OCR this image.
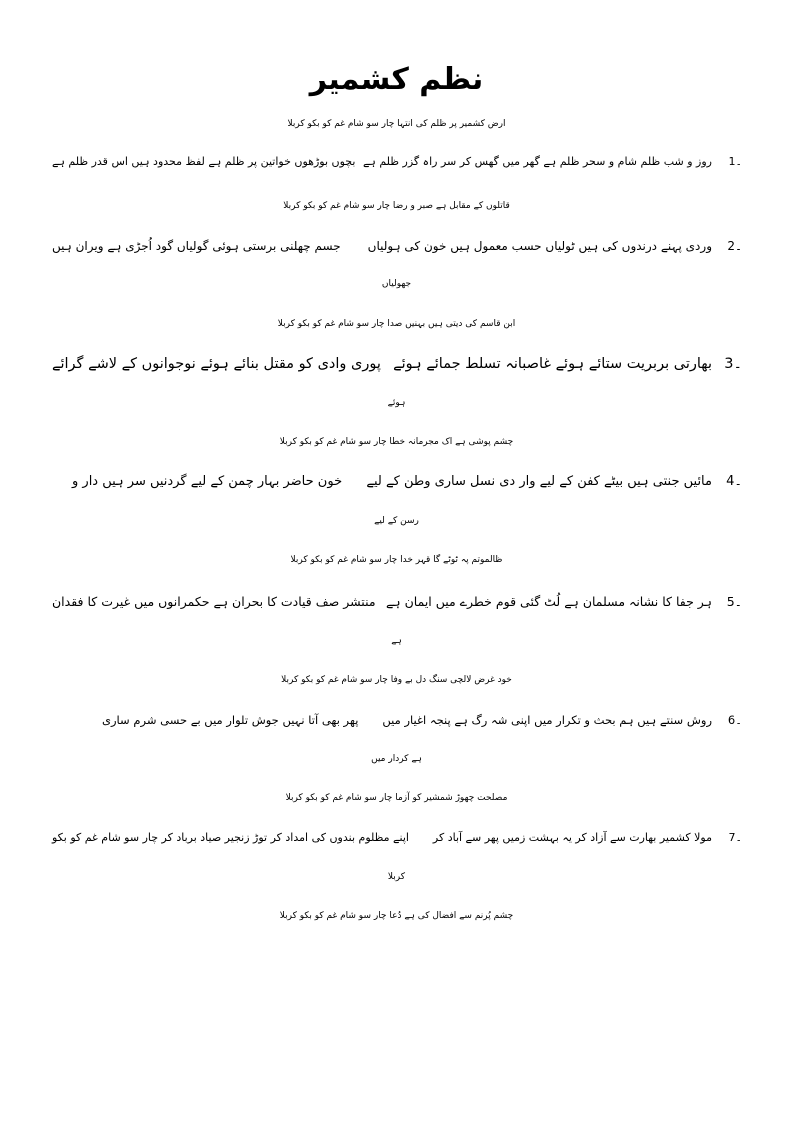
نظم کشمیر
ارض کشمیر پر ظلم کی انتہا چار سو شام غم کو بکو کربلا
1۔
روز و شب ظلم شام و سحر ظلم ہے گھر میں گھس کر سر راہ گزر ظلم ہے
بچوں بوڑھوں خواتین پر ظلم ہے لفظ محدود ہیں اس قدر ظلم ہے
قاتلوں کے مقابل ہے صبر و رضا چار سو شام غم کو بکو کربلا
2۔
وردی پہنے درندوں کی ہیں ٹولیاں حسب معمول ہیں خون کی ہولیاں
جسم چھلنی برستی ہوئی گولیاں گود اُجڑی ہے ویران ہیں
جھولیاں
ابن قاسم کی دیتی ہیں بہنیں صدا چار سو شام غم کو بکو کربلا
3۔
بھارتی بربریت ستائے ہوئے غاصبانہ تسلط جمائے ہوئے
پوری وادی کو مقتل بنائے ہوئے نوجوانوں کے لاشے گرائے
ہوئے
چشم پوشی ہے اک مجرمانہ خطا چار سو شام غم کو بکو کربلا
4۔
مائیں جنتی ہیں بیٹے کفن کے لیے وار دی نسل ساری وطن کے لیے
خون حاضر بہار چمن کے لیے گردنیں سر ہیں دار و
رسن کے لیے
ظالموتم پہ ٹوٹے گا قہر خدا چار سو شام غم کو بکو کربلا
5۔
ہر جفا کا نشانہ مسلمان ہے لُٹ گئی قوم خطرے میں ایمان ہے
منتشر صف قیادت کا بحران ہے حکمرانوں میں غیرت کا فقدان
ہے
خود غرض لالچی سنگ دل بے وفا چار سو شام غم کو بکو کربلا
6۔
روش سنتے ہیں ہم بحث و تکرار میں اپنی شہ رگ ہے پنجہ اغیار میں
پھر بھی آتا نہیں جوش تلوار میں بے حسی شرم ساری
ہے کردار میں
مصلحت چھوڑ شمشیر کو آزما چار سو شام غم کو بکو کربلا
7۔
مولا کشمیر بھارت سے آزاد کر یہ بہشت زمیں پھر سے آباد کر
اپنے مظلوم بندوں کی امداد کر توڑ زنجیر صیاد برباد کر چار سو شام غم کو بکو
کربلا
چشم پُرنم سے افضال کی ہے دُعا چار سو شام غم کو بکو کربلا
